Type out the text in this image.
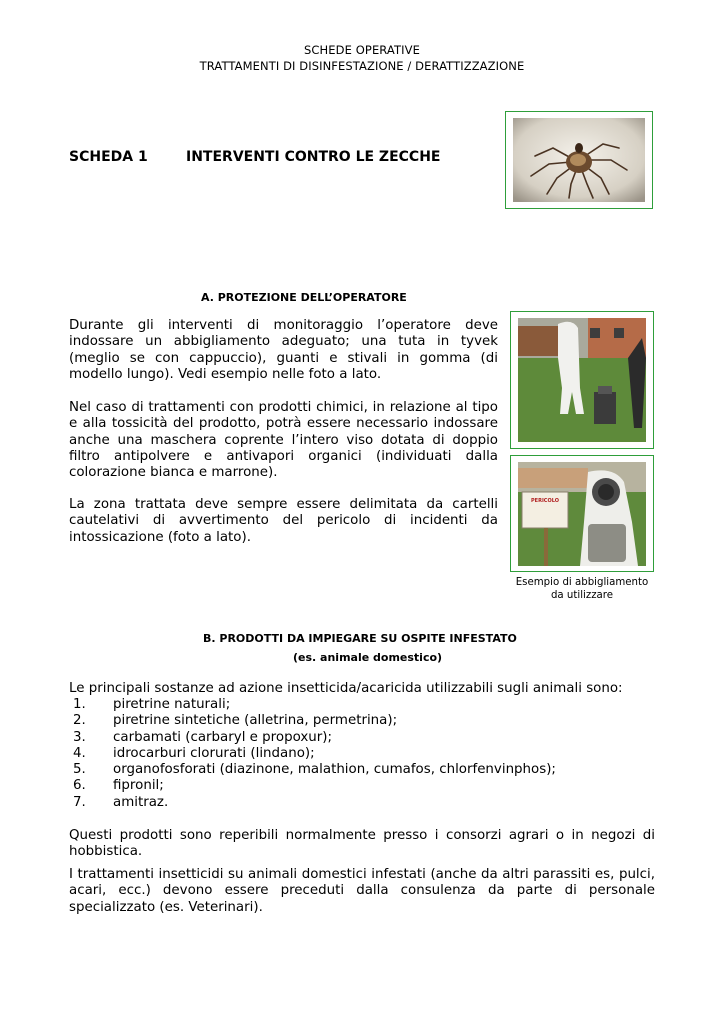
SCHEDE OPERATIVE
TRATTAMENTI DI DISINFESTAZIONE / DERATTIZZAZIONE
SCHEDA 1	INTERVENTI CONTRO LE ZECCHE
A. PROTEZIONE DELL’OPERATORE
Durante gli interventi di monitoraggio l’operatore deve indossare un abbigliamento adeguato; una tuta in tyvek (meglio se con cappuccio), guanti e stivali in gomma (di modello lungo). Vedi esempio nelle foto a lato.
Nel caso di trattamenti con prodotti chimici, in relazione al tipo e alla tossicità del prodotto, potrà essere necessario indossare anche una maschera coprente l’intero viso dotata di doppio filtro antipolvere e antivapori organici (individuati dalla colorazione bianca e marrone).
La zona trattata deve sempre essere delimitata da cartelli cautelativi di avvertimento del pericolo di incidenti da intossicazione (foto a lato).
PERICOLO
Esempio di abbigliamento
da utilizzare
B. PRODOTTI DA IMPIEGARE SU OSPITE INFESTATO
(es. animale domestico)
Le principali sostanze ad azione insetticida/acaricida utilizzabili sugli animali sono:
1. piretrine naturali;
2. piretrine sintetiche (alletrina, permetrina);
3. carbamati (carbaryl e propoxur);
4. idrocarburi clorurati (lindano);
5. organofosforati (diazinone, malathion, cumafos, chlorfenvinphos);
6. fipronil;
7. amitraz.
Questi prodotti sono reperibili normalmente presso i consorzi agrari o in negozi di hobbistica.
I trattamenti insetticidi su animali domestici infestati (anche da altri parassiti es, pulci, acari, ecc.) devono essere preceduti dalla consulenza da parte di personale specializzato (es. Veterinari).
